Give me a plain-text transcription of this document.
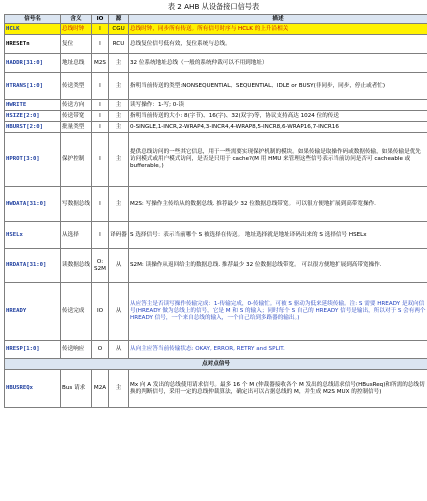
表 2 AHB 从设备接口信号表
信号名	含义	IO	源	描述
HCLK	总线时钟	I	CGU	总线时钟，同步所有传送。所有信号时序与 HCLK 的上升沿相关
HRESETn	复位	I	RCU	总线复位信号低有效，复位系统与总线。
HADDR[31:0]	地址总线	M2S	主	32 位系统地址总线（一般的系统仲裁可以不用到地址）
HTRANS[1:0]	传送类型	I	主	指明当前传送的类型:NONSEQUENTIAL、SEQUENTIAL、IDLE or BUSY(非同步，同步，停止或者忙)
HWRITE	传送方向	I	主	读写操作：1-写; 0-读
HSIZE[2:0]	传送带宽	I	主	指明当前传送的大小: 8(字节)、16(字)、32(双字)等，协议支持高达 1024 位的传送
HBURST[2:0]	批量类型	I	主	0-SINGLE,1-INCR,2-WRAP4,3-INCR4,4-WRAP8,5-INCR8,6-WRAP16,7-INCR16
HPROT[3:0]	保护控制	I	主	提供总线访问的一些其它信息，用于一些需要实现保护机制的模块。如果传输是取操作码或数据传输，如果传输是优先访问模式或用户模式访问，是否是只用于 cache?(M 用 HMU 来管理这些信号表示当前访问是否可 cacheable 或 bufferable。)
HWDATA[31:0]	写数据总线	I	主	M2S: 写操作主传给从的数据总线. 推荐最少 32 位数据总线带宽。 可以很方便地扩展到高带宽操作.
HSELx	从选择	I	译码器	S 选择信号：表示当前哪个 S 被选择在传送。 地址选择就是地址译码出来的 S 选择信号 HSELx
HRDATA[31:0]	读数据总线	O: S2M	从	S2M: 读操作从返回给主的数据总线. 推荐最少 32 位数据总线带宽。 可以很方便地扩展到高带宽操作.
HREADY	传送完成	IO	从	从应答主是否读写操作传输完成：1-传输完成，0-传输忙。可被 S 驱动为低来延续传输。注: S 需要 HREADY 是双向信号(HREADY 做为总线上的信号，它是 M 和 S 的输入；同时每个 S 自己的 HREADY 信号是输出，所以对于 S 会有两个 HREADY 信号，一个来自总线的输入，一个自己给到多路器的输出。)
HRESP[1:0]	传送响应	O	从	从向主应答当前传输状态: OKAY, ERROR, RETRY and SPLIT.
点对点信号				
HBUSREQx	Bus 请求	M2A	主	Mx 向 A 发出的总线使用请求信号。最多 16 个 M (仲裁器接收各个 M 发出的总线请求信号(HBusReq)和所需的总线切换的判断信号，采用一定的总线仲裁算法，确定出可以占据总线的 M，并生成 M2S MUX 的控制信号)
